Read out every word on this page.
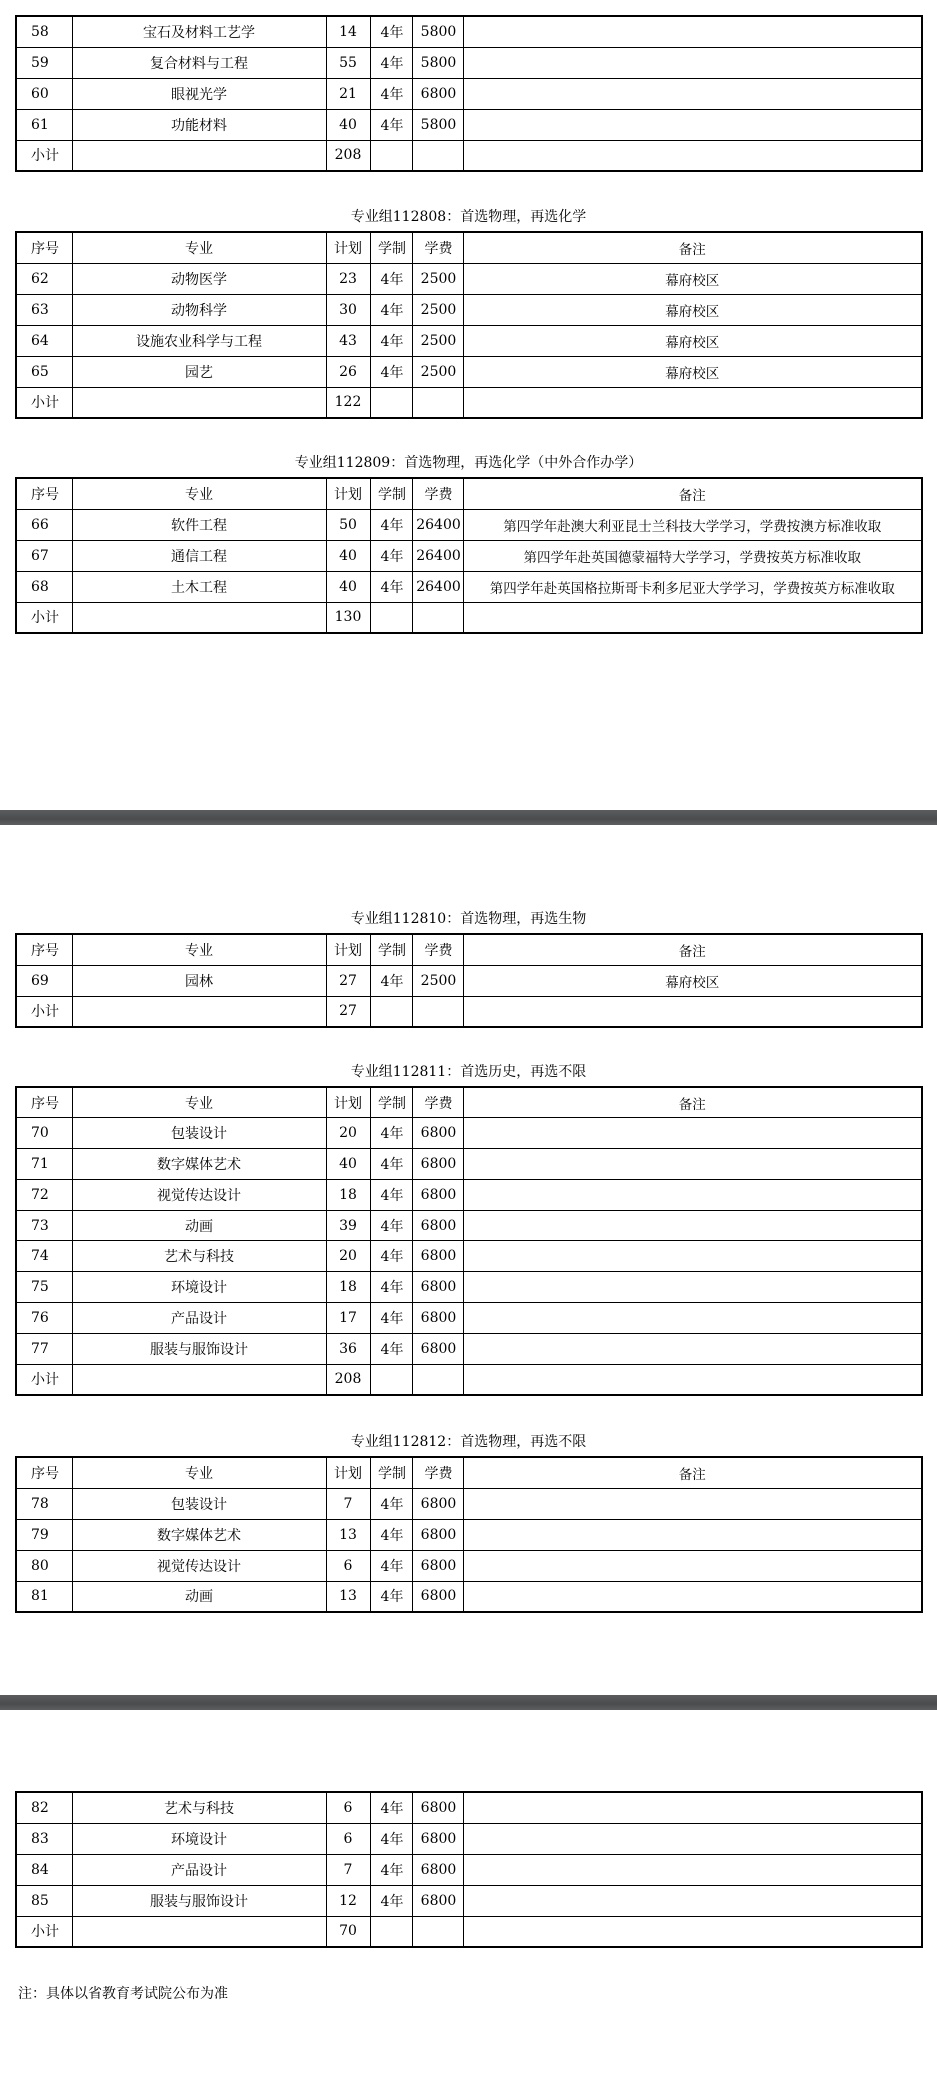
58	宝石及材料工艺学	14	4年	5800	
59	复合材料与工程	55	4年	5800	
60	眼视光学	21	4年	6800	
61	功能材料	40	4年	5800	
小计		208			
专业组112808：首选物理，再选化学
序号	专业	计划	学制	学费	备注
62	动物医学	23	4年	2500	幕府校区
63	动物科学	30	4年	2500	幕府校区
64	设施农业科学与工程	43	4年	2500	幕府校区
65	园艺	26	4年	2500	幕府校区
小计		122			
专业组112809：首选物理，再选化学（中外合作办学）
序号	专业	计划	学制	学费	备注
66	软件工程	50	4年	26400	第四学年赴澳大利亚昆士兰科技大学学习，学费按澳方标准收取
67	通信工程	40	4年	26400	第四学年赴英国德蒙福特大学学习，学费按英方标准收取
68	土木工程	40	4年	26400	第四学年赴英国格拉斯哥卡利多尼亚大学学习，学费按英方标准收取
小计		130			
专业组112810：首选物理，再选生物
序号	专业	计划	学制	学费	备注
69	园林	27	4年	2500	幕府校区
小计		27			
专业组112811：首选历史，再选不限
序号	专业	计划	学制	学费	备注
70	包装设计	20	4年	6800	
71	数字媒体艺术	40	4年	6800	
72	视觉传达设计	18	4年	6800	
73	动画	39	4年	6800	
74	艺术与科技	20	4年	6800	
75	环境设计	18	4年	6800	
76	产品设计	17	4年	6800	
77	服装与服饰设计	36	4年	6800	
小计		208			
专业组112812：首选物理，再选不限
序号	专业	计划	学制	学费	备注
78	包装设计	7	4年	6800	
79	数字媒体艺术	13	4年	6800	
80	视觉传达设计	6	4年	6800	
81	动画	13	4年	6800	
82	艺术与科技	6	4年	6800	
83	环境设计	6	4年	6800	
84	产品设计	7	4年	6800	
85	服装与服饰设计	12	4年	6800	
小计		70			
注：具体以省教育考试院公布为准
